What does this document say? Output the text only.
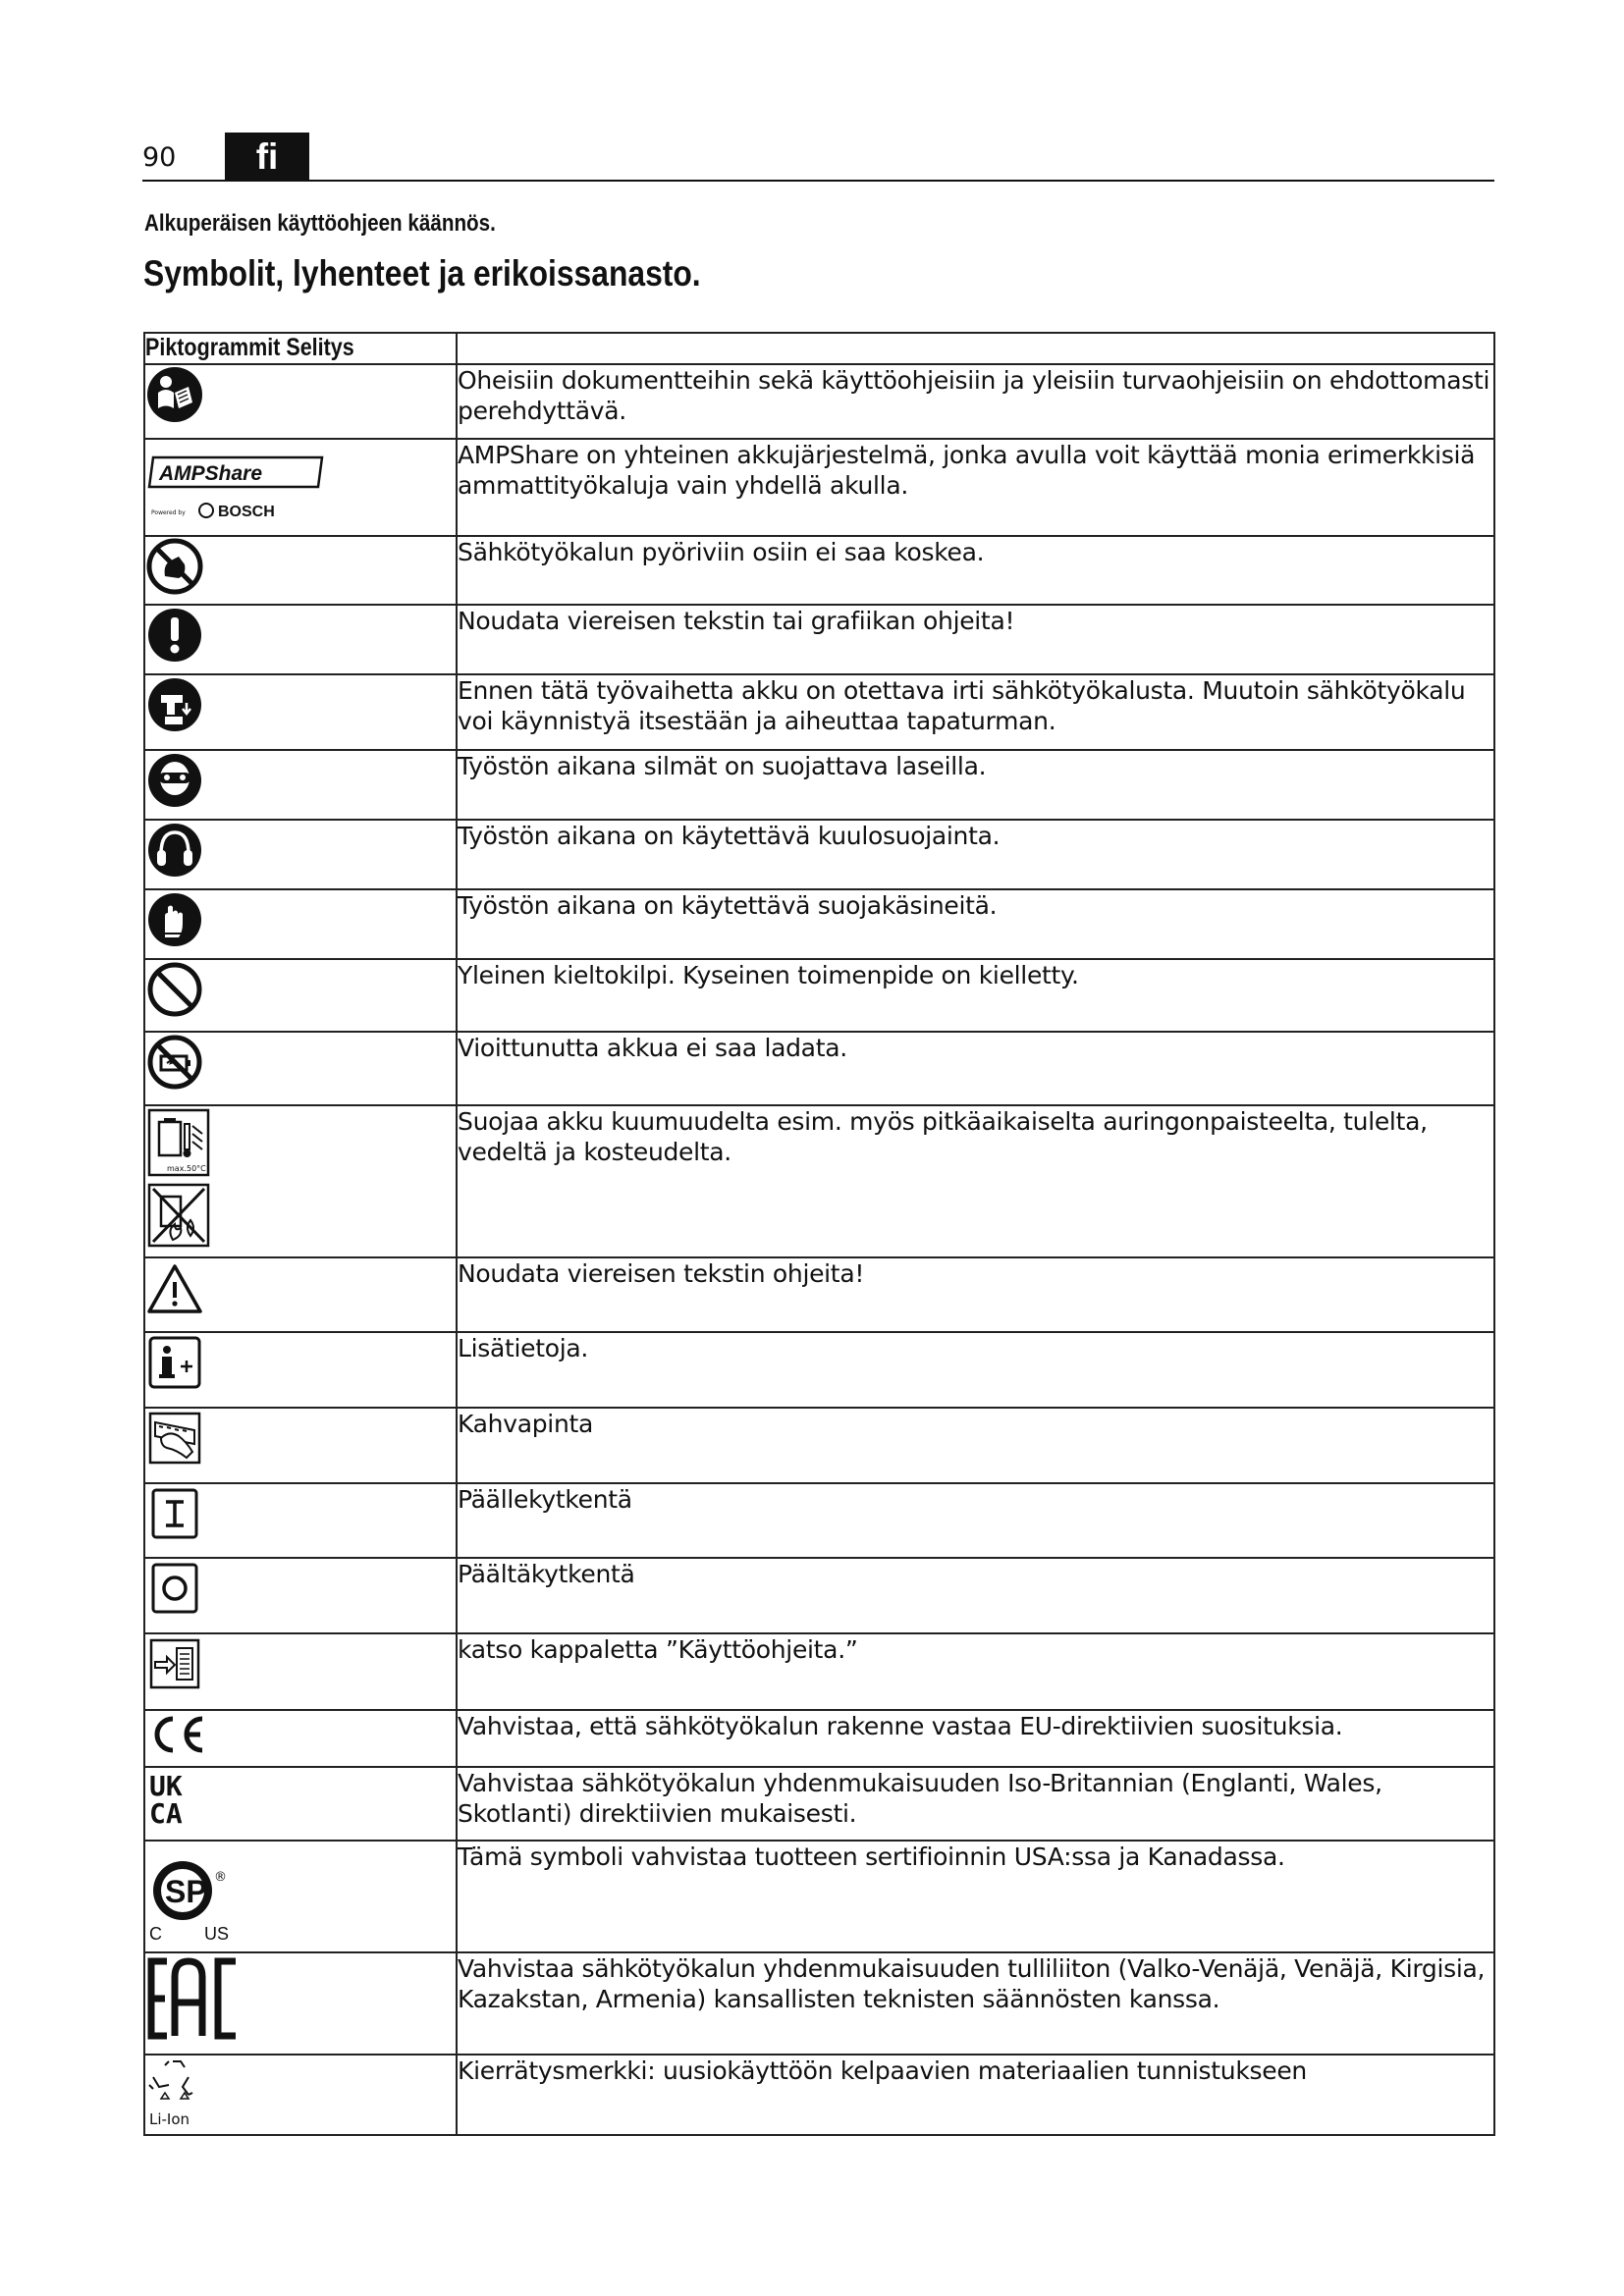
90	fi
Alkuperäisen käyttöohjeen käännös.
Symbolit, lyhenteet ja erikoissanasto.
Piktogrammit Selitys	

	Oheisiin dokumentteihin sekä käyttöohjeisiin ja yleisiin turvaohjeisiin on ehdottomasti perehdyttävä.

AMPShare
Powered by BOSCH	AMPShare on yhteinen akkujärjestelmä, jonka avulla voit käyttää monia erimerkkisiä ammattityökaluja vain yhdellä akulla.

	Sähkötyökalun pyöriviin osiin ei saa koskea.

	Noudata viereisen tekstin tai grafiikan ohjeita!

	Ennen tätä työvaihetta akku on otettava irti sähkötyökalusta. Muutoin sähkötyökalu voi käynnistyä itsestään ja aiheuttaa tapaturman.

	Työstön aikana silmät on suojattava laseilla.

	Työstön aikana on käytettävä kuulosuojainta.

	Työstön aikana on käytettävä suojakäsineitä.

	Yleinen kieltokilpi. Kyseinen toimenpide on kielletty.

	Vioittunutta akkua ei saa ladata.

max.50°C	Suojaa akku kuumuudelta esim. myös pitkäaikaiselta auringonpaisteelta, tulelta, vedeltä ja kosteudelta.

	Noudata viereisen tekstin ohjeita!

	Lisätietoja.

	Kahvapinta

	Päällekytkentä

	Päältäkytkentä

	katso kappaletta ”Käyttöohjeita.”

	Vahvistaa, että sähkötyökalun rakenne vastaa EU-direktiivien suosituksia.

UK
CA	Vahvistaa sähkötyökalun yhdenmukaisuuden Iso-Britannian (Englanti, Wales, Skotlanti) direktiivien mukaisesti.

SP ®
C US	Tämä symboli vahvistaa tuotteen sertifioinnin USA:ssa ja Kanadassa.

	Vahvistaa sähkötyökalun yhdenmukaisuuden tulliliiton (Valko-Venäjä, Venäjä, Kirgisia, Kazakstan, Armenia) kansallisten teknisten säännösten kanssa.

Li-Ion	Kierrätysmerkki: uusiokäyttöön kelpaavien materiaalien tunnistukseen
